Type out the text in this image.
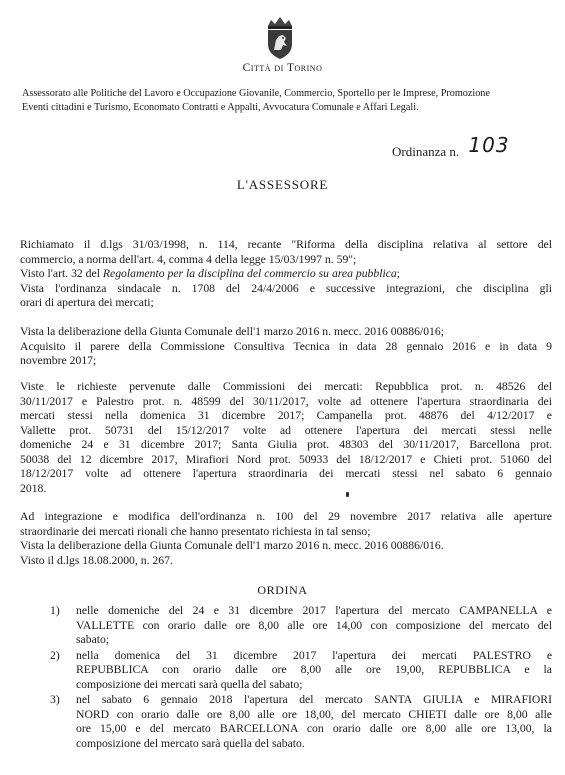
Città di Torino
Assessorato alle Politiche del Lavoro e Occupazione Giovanile, Commercio, Sportello per le Imprese, Promozione
Eventi cittadini e Turismo, Economato Contratti e Appalti, Avvocatura Comunale e Affari Legali.
Ordinanza n. 103
L'ASSESSORE
Richiamato il d.lgs 31/03/1998, n. 114, recante "Riforma della disciplina relativa al settore del
commercio, a norma dell'art. 4, comma 4 della legge 15/03/1997 n. 59";
Visto l'art. 32 del Regolamento per la disciplina del commercio su area pubblica;
Vista l'ordinanza sindacale n. 1708 del 24/4/2006 e successive integrazioni, che disciplina gli
orari di apertura dei mercati;
Vista la deliberazione della Giunta Comunale dell'1 marzo 2016 n. mecc. 2016 00886/016;
Acquisito il parere della Commissione Consultiva Tecnica in data 28 gennaio 2016 e in data 9
novembre 2017;
Viste le richieste pervenute dalle Commissioni dei mercati: Repubblica prot. n. 48526 del
30/11/2017 e Palestro prot. n. 48599 del 30/11/2017, volte ad ottenere l'apertura straordinaria dei
mercati stessi nella domenica 31 dicembre 2017; Campanella prot. 48876 del 4/12/2017 e
Vallette prot. 50731 del 15/12/2017 volte ad ottenere l'apertura dei mercati stessi nelle
domeniche 24 e 31 dicembre 2017; Santa Giulia prot. 48303 del 30/11/2017, Barcellona prot.
50038 del 12 dicembre 2017, Mirafiori Nord prot. 50933 del 18/12/2017 e Chieti prot. 51060 del
18/12/2017 volte ad ottenere l'apertura straordinaria dei mercati stessi nel sabato 6 gennaio
2018.
Ad integrazione e modifica dell'ordinanza n. 100 del 29 novembre 2017 relativa alle aperture
straordinarie dei mercati rionali che hanno presentato richiesta in tal senso;
Vista la deliberazione della Giunta Comunale dell'1 marzo 2016 n. mecc. 2016 00886/016.
Visto il d.lgs 18.08.2000, n. 267.
ORDINA
1) nelle domeniche del 24 e 31 dicembre 2017 l'apertura del mercato CAMPANELLA e
VALLETTE con orario dalle ore 8,00 alle ore 14,00 con composizione del mercato del
sabato;
2) nella domenica del 31 dicembre 2017 l'apertura dei mercati PALESTRO e
REPUBBLICA con orario dalle ore 8,00 alle ore 19,00, REPUBBLICA e la
composizione dei mercati sarà quella del sabato;
3) nel sabato 6 gennaio 2018 l'apertura del mercato SANTA GIULIA e MIRAFIORI
NORD con orario dalle ore 8,00 alle ore 18,00, del mercato CHIETI dalle ore 8,00 alle
ore 15,00 e del mercato BARCELLONA con orario dalle ore 8,00 alle ore 13,00, la
composizione del mercato sarà quella del sabato.
